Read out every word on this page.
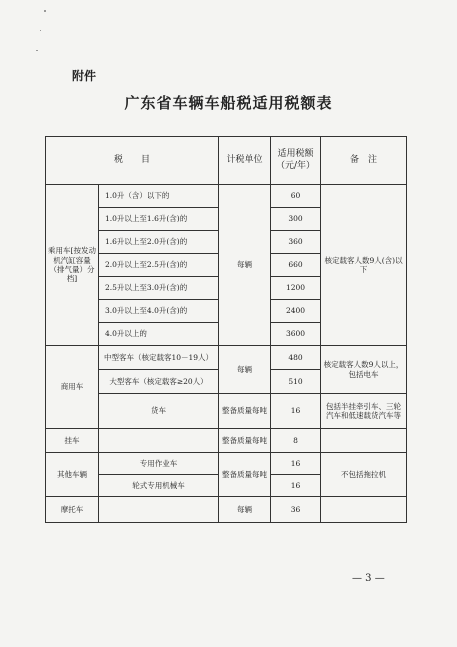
附件
广东省车辆车船税适用税额表
税　　目		计税单位	适用税额（元/年）	备　注
乘用车[按发动机汽缸容量（排气量）分档]	1.0升（含）以下的	每辆	60	核定载客人数9人(含)以下
	1.0升以上至1.6升(含)的		300	
	1.6升以上至2.0升(含)的		360	
	2.0升以上至2.5升(含)的		660	
	2.5升以上至3.0升(含)的		1200	
	3.0升以上至4.0升(含)的		2400	
	4.0升以上的		3600	
商用车	中型客车（核定载客10－19人）	每辆	480	核定载客人数9人以上，包括电车
	大型客车（核定载客≥20人）		510	
	货车	整备质量每吨	16	包括半挂牵引车、三轮汽车和低速载货汽车等
挂车		整备质量每吨	8	
其他车辆	专用作业车	整备质量每吨	16	不包括拖拉机
	轮式专用机械车		16	
摩托车		每辆	36	
— 3 —
